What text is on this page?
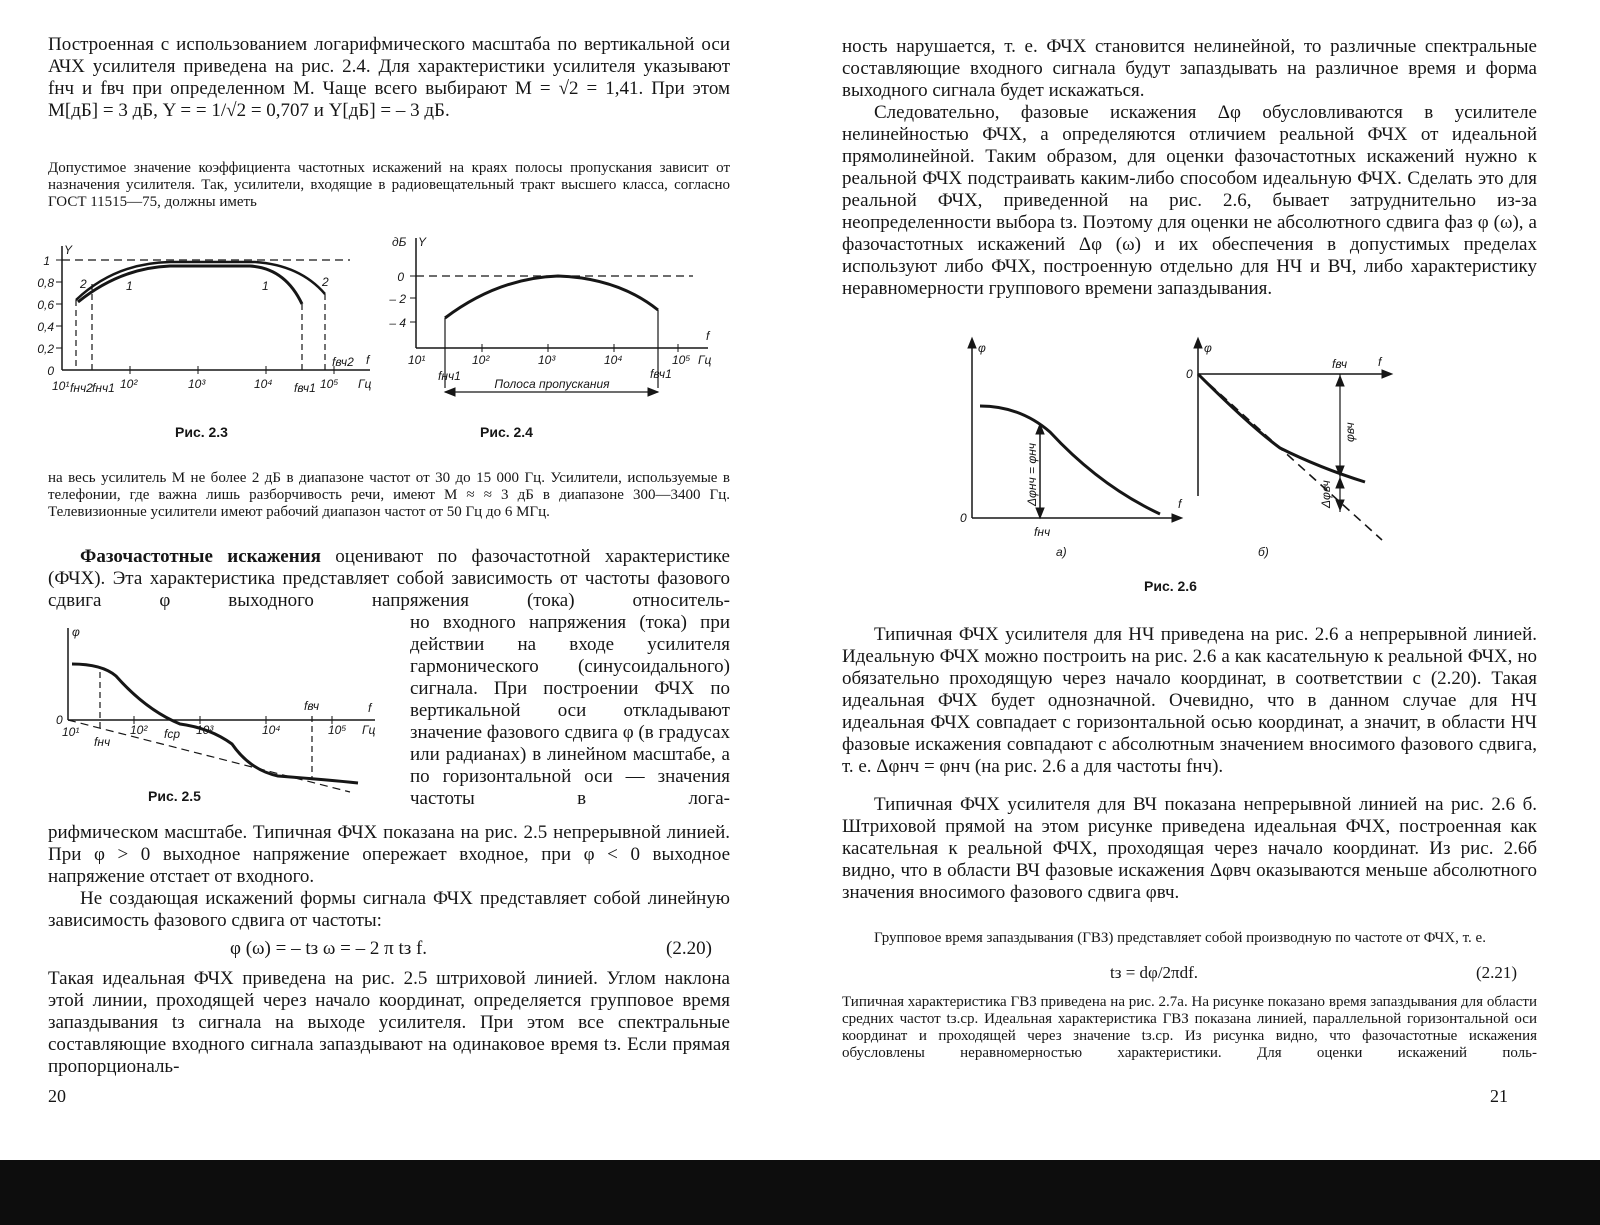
Построенная с использованием логарифмического масштаба по вертикальной оси АЧХ усилителя приведена на рис. 2.4. Для характеристики усилителя указывают fнч и fвч при определенном M. Чаще всего выбирают M = √2 = 1,41. При этом M[дБ] = 3 дБ, Y = = 1/√2 = 0,707 и Y[дБ] = – 3 дБ.

Допустимое значение коэффициента частотных искажений на краях полосы пропускания зависит от назначения усилителя. Так, усилители, входящие в радиовещательный тракт высшего класса, согласно ГОСТ 11515—75, должны иметь

Y
1
0,8
0,6
0,4
0,2
0
10¹	10²	10³	10⁴	10⁵ Гц
fнч2 fнч1	fвч1
fвч2 f
2	1	1	2
Рис. 2.3
дБ Y
0
– 2
– 4
10¹	10²	10³	10⁴	10⁵ Гц
fнч1	fвч1
f
Полоса пропускания
Рис. 2.4

на весь усилитель M не более 2 дБ в диапазоне частот от 30 до 15 000 Гц. Усилители, используемые в телефонии, где важна лишь разборчивость речи, имеют M ≈ ≈ 3 дБ в диапазоне 300—3400 Гц. Телевизионные усилители имеют рабочий диапазон частот от 50 Гц до 6 МГц.

Фазочастотные искажения оценивают по фазочастотной характеристике (ФЧХ). Эта характеристика представляет собой зависимость от частоты фазового сдвига φ выходного напряжения (тока) относитель-

φ
0
10¹	10²	10³	10⁴	10⁵ Гц
fнч
fср
fвч	f
Рис. 2.5

но входного напряжения (тока) при действии на входе усилителя гармонического (синусоидального) сигнала. При построении ФЧХ по вертикальной оси откладывают значение фазового сдвига φ (в градусах или радианах) в линейном масштабе, а по горизонтальной оси — значения частоты в лога-

рифмическом масштабе. Типичная ФЧХ показана на рис. 2.5 непрерывной линией. При φ > 0 выходное напряжение опережает входное, при φ < 0 выходное напряжение отстает от входного.

Не создающая искажений формы сигнала ФЧХ представляет собой линейную зависимость фазового сдвига от частоты:

φ (ω) = – tз ω = – 2 π tз f.	(2.20)

Такая идеальная ФЧХ приведена на рис. 2.5 штриховой линией. Углом наклона этой линии, проходящей через начало координат, определяется групповое время запаздывания tз сигнала на выходе усилителя. При этом все спектральные составляющие входного сигнала запаздывают на одинаковое время tз. Если прямая пропорциональ-

20

ность нарушается, т. е. ФЧХ становится нелинейной, то различные спектральные составляющие входного сигнала будут запаздывать на различное время и форма выходного сигнала будет искажаться.

Следовательно, фазовые искажения Δφ обусловливаются в усилителе нелинейностью ФЧХ, а определяются отличием реальной ФЧХ от идеальной прямолинейной. Таким образом, для оценки фазочастотных искажений нужно к реальной ФЧХ подстраивать каким-либо способом идеальную ФЧХ. Сделать это для реальной ФЧХ, приведенной на рис. 2.6, бывает затруднительно из-за неопределенности выбора tз. Поэтому для оценки не абсолютного сдвига фаз φ (ω), а фазочастотных искажений Δφ (ω) и их обеспечения в допустимых пределах используют либо ФЧХ, построенную отдельно для НЧ и ВЧ, либо характеристику неравномерности группового времени запаздывания.

φ
0
f
fнч
Δφнч = φнч
а)
φ
0
f
fвч
φвч
Δφвч
б)
Рис. 2.6

Типичная ФЧХ усилителя для НЧ приведена на рис. 2.6 а непрерывной линией. Идеальную ФЧХ можно построить на рис. 2.6 а как касательную к реальной ФЧХ, но обязательно проходящую через начало координат, в соответствии с (2.20). Такая идеальная ФЧХ будет однозначной. Очевидно, что в данном случае для НЧ идеальная ФЧХ совпадает с горизонтальной осью координат, а значит, в области НЧ фазовые искажения совпадают с абсолютным значением вносимого фазового сдвига, т. е. Δφнч = φнч (на рис. 2.6 а для частоты fнч).

Типичная ФЧХ усилителя для ВЧ показана непрерывной линией на рис. 2.6 б. Штриховой прямой на этом рисунке приведена идеальная ФЧХ, построенная как касательная к реальной ФЧХ, проходящая через начало координат. Из рис. 2.6б видно, что в области ВЧ фазовые искажения Δφвч оказываются меньше абсолютного значения вносимого фазового сдвига φвч.

Групповое время запаздывания (ГВЗ) представляет собой производную по частоте от ФЧХ, т. е.

tз = dφ/2πdf.	(2.21)

Типичная характеристика ГВЗ приведена на рис. 2.7а. На рисунке показано время запаздывания для области средних частот tз.ср. Идеальная характеристика ГВЗ показана линией, параллельной горизонтальной оси координат и проходящей через значение tз.ср. Из рисунка видно, что фазочастотные искажения обусловлены неравномерностью характеристики. Для оценки искажений поль-

21
